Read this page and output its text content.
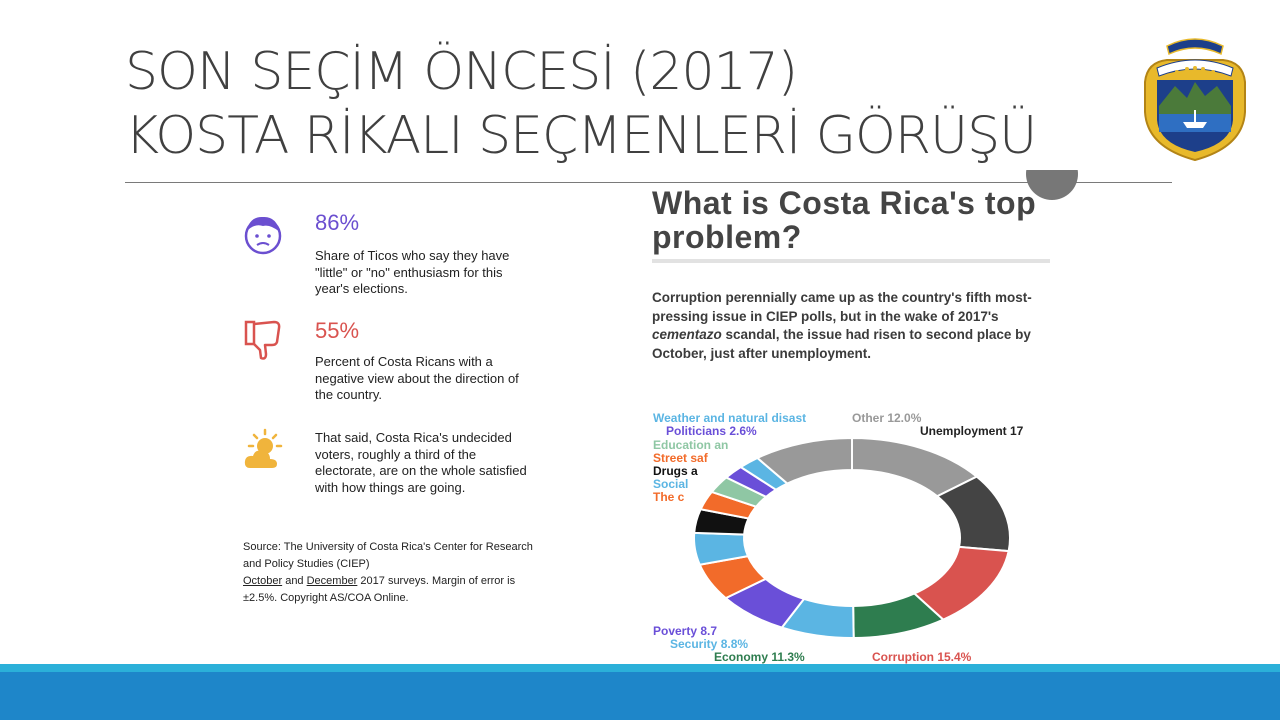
SON SEÇİM ÖNCESİ (2017)
KOSTA RİKALI SEÇMENLERİ GÖRÜŞÜ
86%
Share of Ticos who say they have "little" or "no" enthusiasm for this year's elections.
55%
Percent of Costa Ricans with a negative view about the direction of the country.
That said, Costa Rica's undecided voters, roughly a third of the electorate, are on the whole satisfied with how things are going.
Source: The University of Costa Rica's Center for Research and Policy Studies (CIEP)
October and December 2017 surveys. Margin of error is ±2.5%. Copyright AS/COA Online.
What is Costa Rica's top problem?
Corruption perennially came up as the country's fifth most-pressing issue in CIEP polls, but in the wake of 2017's cementazo scandal, the issue had risen to second place by October, just after unemployment.
Unemployment 17
Corruption 15.4%
Economy 11.3%
Security 8.8%
Poverty 8.7
The c
Social
Drugs a
Street saf
Education an
Politicians 2.6%
Weather and natural disast	Other 12.0%
